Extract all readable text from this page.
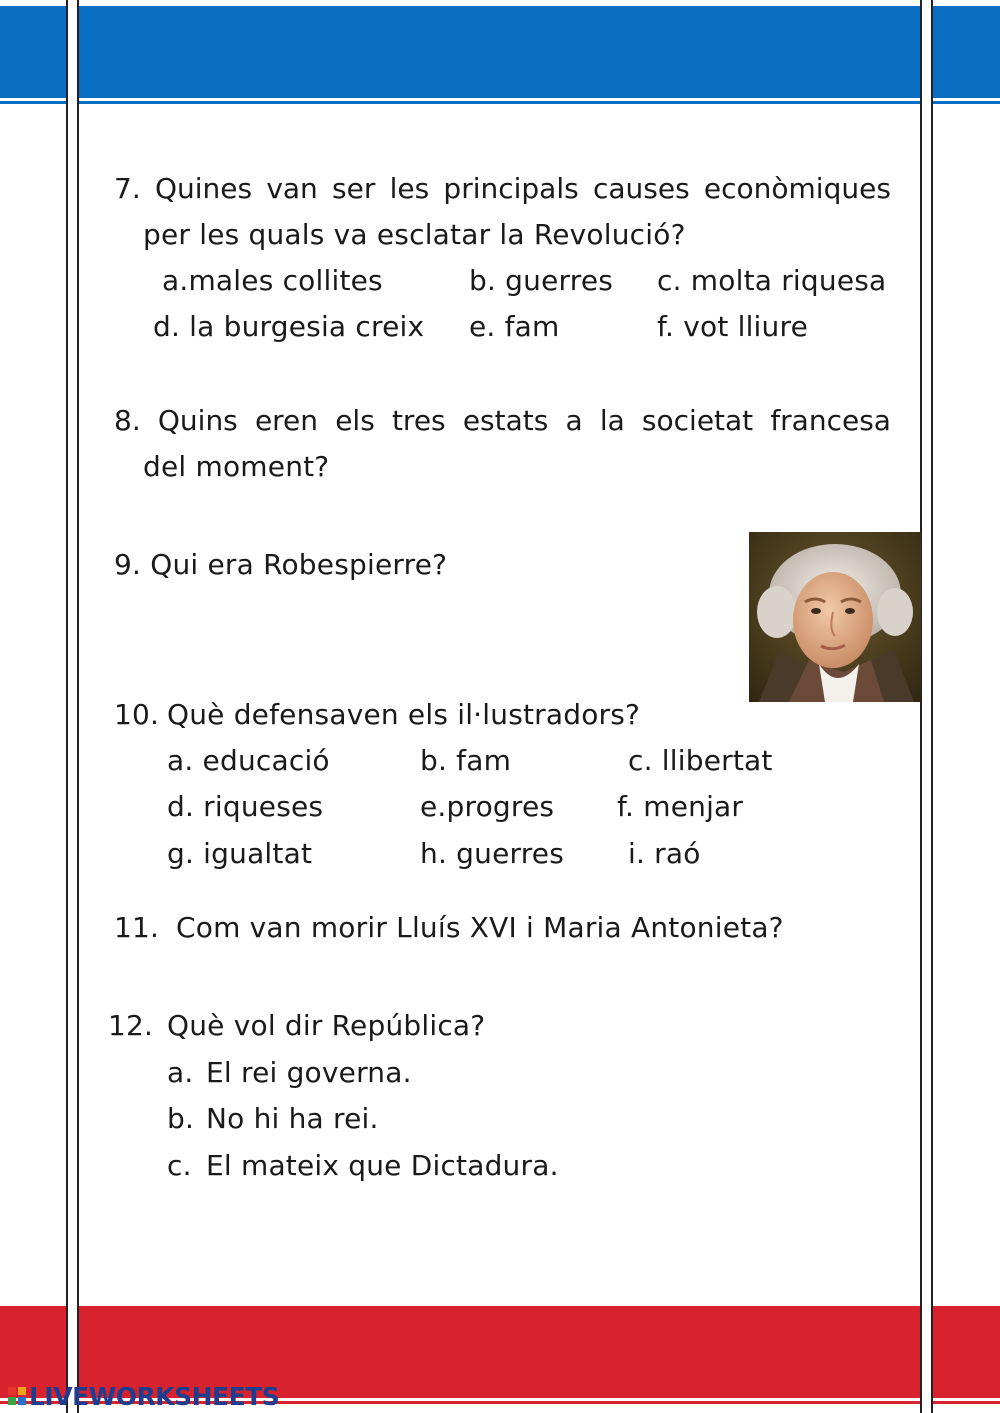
7. Quines van ser les principals causes econòmiques
per les quals va esclatar la Revolució?
a.males collites	b. guerres c. molta riquesa
d. la burgesia creix e. fam	f. vot lliure
8. Quins eren els tres estats a la societat francesa
del moment?
9. Qui era Robespierre?
10. Què defensaven els il·lustradors?
a. educació	b. fam	c. llibertat
d. riqueses	e.progres f. menjar
g. igualtat	h. guerres i. raó
11. Com van morir Lluís XVI i Maria Antonieta?
12. Què vol dir República?
a. El rei governa.
b. No hi ha rei.
c. El mateix que Dictadura.
LIVEWORKSHEETS
